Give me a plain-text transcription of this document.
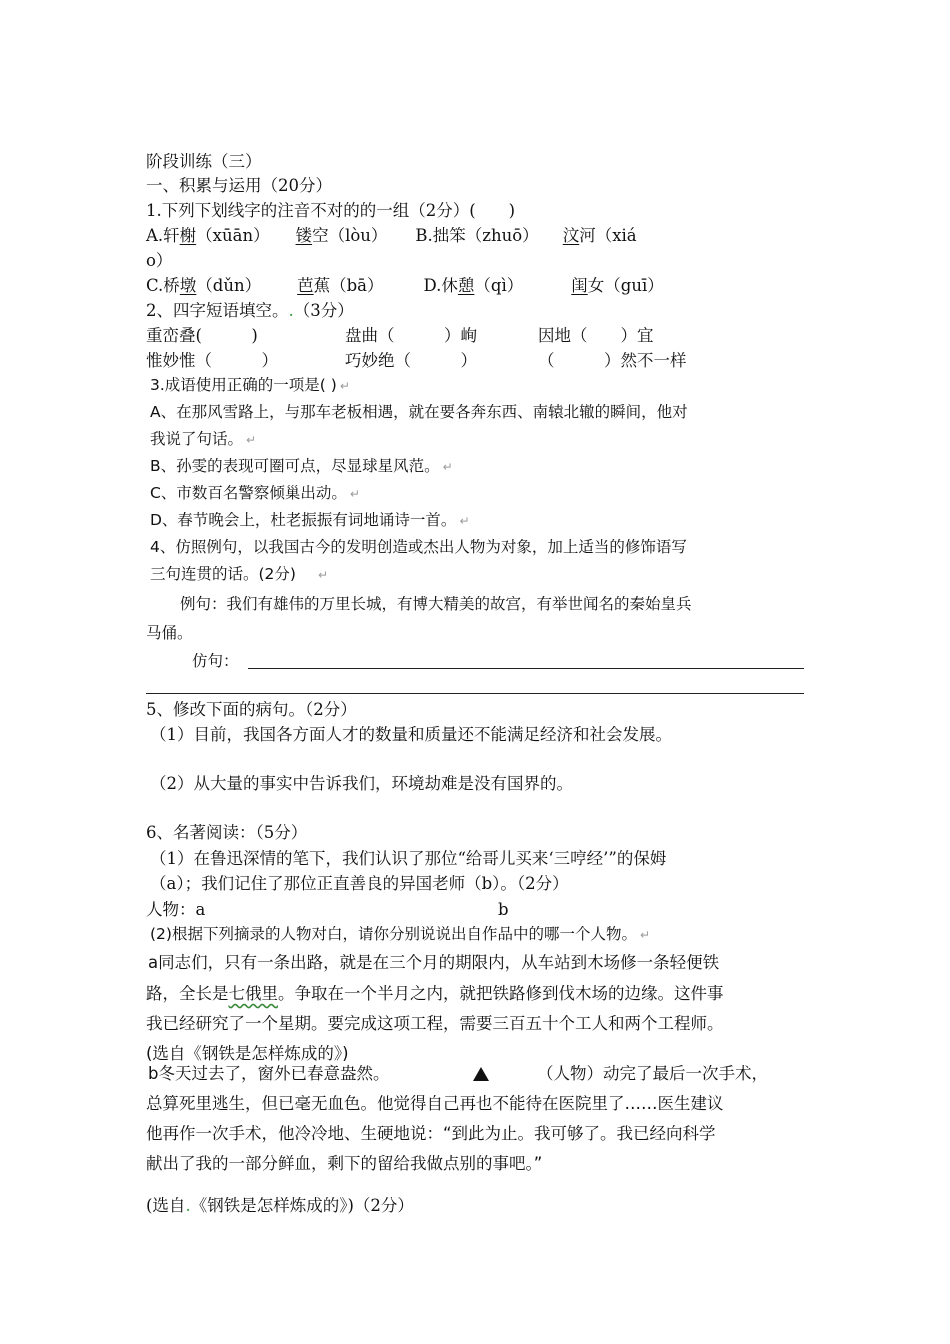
阶段训练（三）
一、积累与运用（20分）
1.下列下划线字的注音不对的的一组（2分）(　　)
A.轩榭（xūān） 镂空（lòu） B.拙笨（zhuō） 汶河（xiá
o）
C.桥墩（dǔn） 芭蕉（bā） D.休憩（qì）	闺女（guī）
2、四字短语填空。.（3分）
重峦叠(　　　)	盘曲（　　　）峋	因地（　　）宜
惟妙惟（　　　）	巧妙绝（　　　）	（　　　）然不一样
3.成语使用正确的一项是( ) ↵
A、在那风雪路上，与那车老板相遇，就在要各奔东西、南辕北辙的瞬间，他对
我说了句话。 ↵
B、孙雯的表现可圈可点，尽显球星风范。 ↵
C、市数百名警察倾巢出动。 ↵
D、春节晚会上，杜老振振有词地诵诗一首。 ↵
4、仿照例句，以我国古今的发明创造或杰出人物为对象，加上适当的修饰语写
三句连贯的话。(2分) ↵
例句：我们有雄伟的万里长城，有博大精美的故宫，有举世闻名的秦始皇兵
马俑。
仿句：
5、修改下面的病句。（2分）
（1）目前，我国各方面人才的数量和质量还不能满足经济和社会发展。
（2）从大量的事实中告诉我们，环境劫难是没有国界的。
6、名著阅读：（5分）
（1）在鲁迅深情的笔下，我们认识了那位“给哥儿买来‘三哼经’”的保姆
（a）；我们记住了那位正直善良的异国老师（b）。（2分）
人物：a	b
(2)根据下列摘录的人物对白，请你分别说说出自作品中的哪一个人物。 ↵
a同志们，只有一条出路，就是在三个月的期限内，从车站到木场修一条轻便铁
路，全长是七俄里。争取在一个半月之内，就把铁路修到伐木场的边缘。这件事
我已经研究了一个星期。要完成这项工程，需要三百五十个工人和两个工程师。
(选自《钢铁是怎样炼成的》)
b冬天过去了，窗外已春意盎然。	（人物）动完了最后一次手术，
总算死里逃生，但已毫无血色。他觉得自己再也不能待在医院里了……医生建议
他再作一次手术，他冷冷地、生硬地说：“到此为止。我可够了。我已经向科学
献出了我的一部分鲜血，剩下的留给我做点别的事吧。”
(选自.《钢铁是怎样炼成的》)（2分）
